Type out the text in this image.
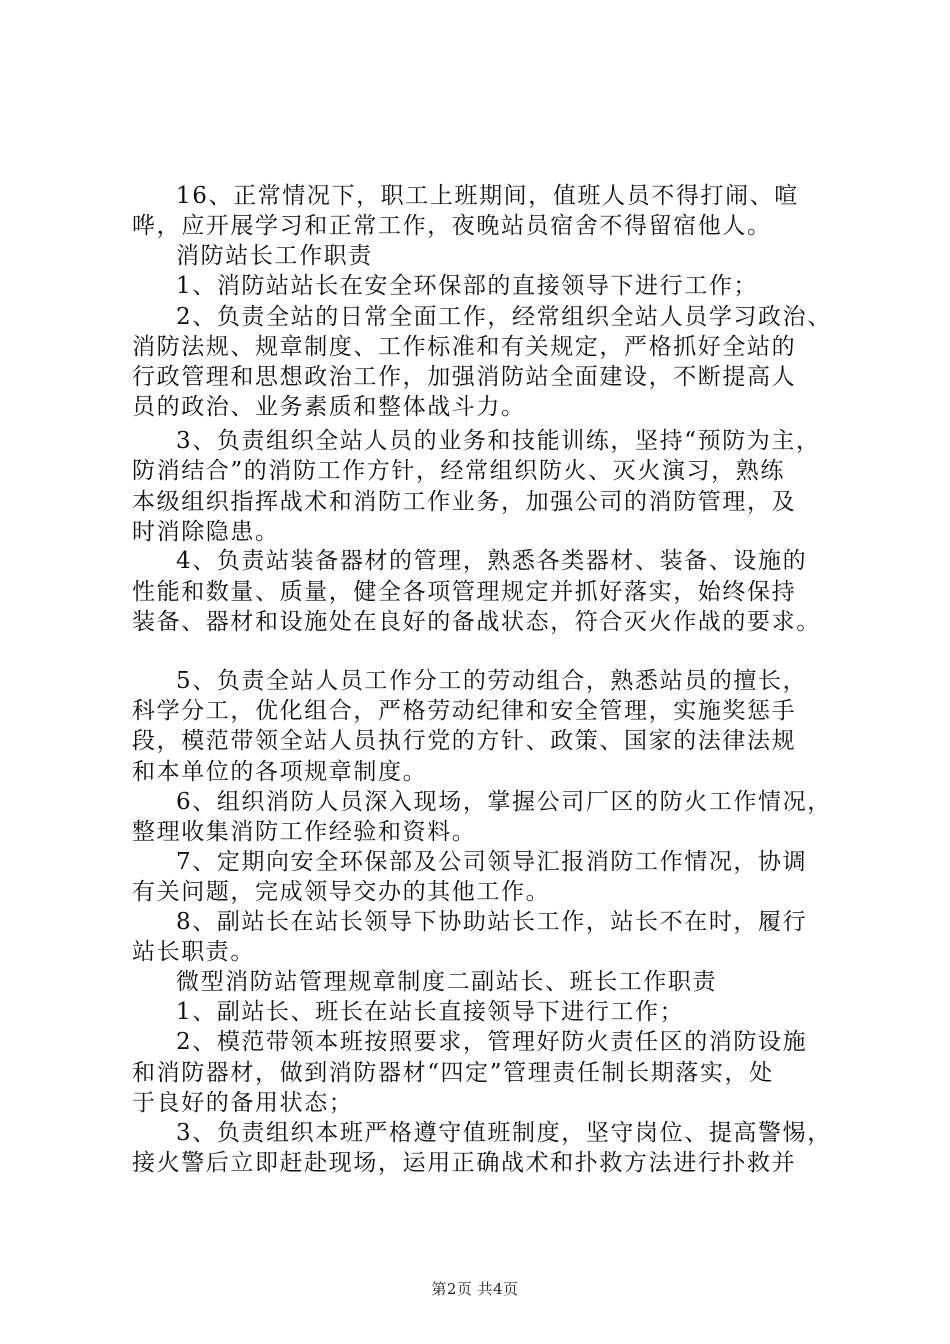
16、正常情况下，职工上班期间，值班人员不得打闹、喧
哗，应开展学习和正常工作，夜晚站员宿舍不得留宿他人。
消防站长工作职责
1、消防站站长在安全环保部的直接领导下进行工作；
2、负责全站的日常全面工作，经常组织全站人员学习政治、
消防法规、规章制度、工作标准和有关规定，严格抓好全站的
行政管理和思想政治工作，加强消防站全面建设，不断提高人
员的政治、业务素质和整体战斗力。
3、负责组织全站人员的业务和技能训练，坚持“预防为主，
防消结合”的消防工作方针，经常组织防火、灭火演习，熟练
本级组织指挥战术和消防工作业务，加强公司的消防管理，及
时消除隐患。
4、负责站装备器材的管理，熟悉各类器材、装备、设施的
性能和数量、质量，健全各项管理规定并抓好落实，始终保持
装备、器材和设施处在良好的备战状态，符合灭火作战的要求。
5、负责全站人员工作分工的劳动组合，熟悉站员的擅长，
科学分工，优化组合，严格劳动纪律和安全管理，实施奖惩手
段，模范带领全站人员执行党的方针、政策、国家的法律法规
和本单位的各项规章制度。
6、组织消防人员深入现场，掌握公司厂区的防火工作情况，
整理收集消防工作经验和资料。
7、定期向安全环保部及公司领导汇报消防工作情况，协调
有关问题，完成领导交办的其他工作。
8、副站长在站长领导下协助站长工作，站长不在时，履行
站长职责。
微型消防站管理规章制度二副站长、班长工作职责
1、副站长、班长在站长直接领导下进行工作；
2、模范带领本班按照要求，管理好防火责任区的消防设施
和消防器材，做到消防器材“四定”管理责任制长期落实，处
于良好的备用状态；
3、负责组织本班严格遵守值班制度，坚守岗位、提高警惕，
接火警后立即赶赴现场，运用正确战术和扑救方法进行扑救并
第2页 共4页
